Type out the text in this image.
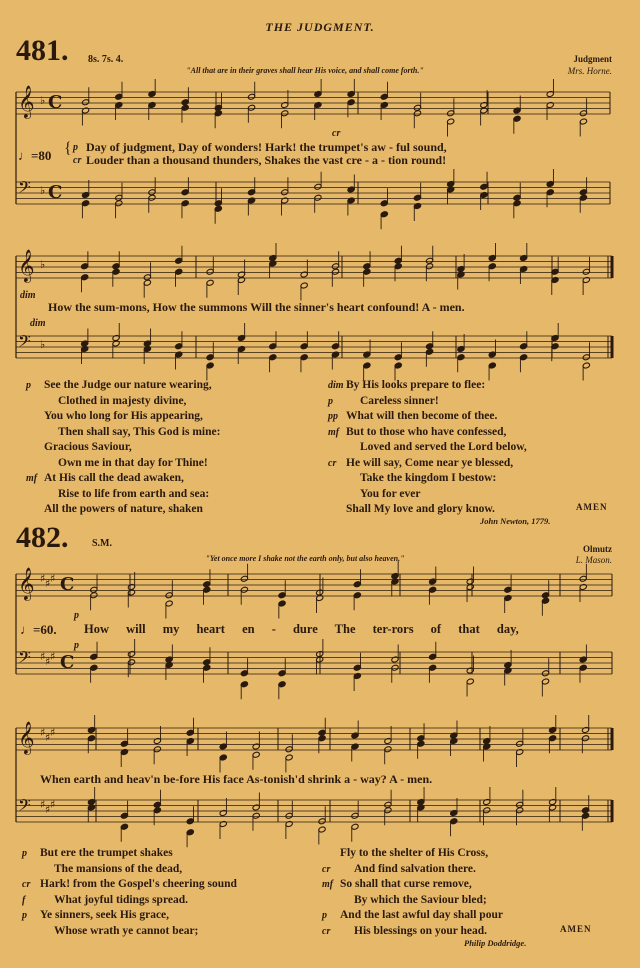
𝄞 ♭ C
𝄢 ♭ C
𝄞 ♭
𝄢 ♭
𝄞 ♯ ♯ ♯ C
𝄢 ♯ ♯ ♯ C
𝄞 ♯ ♯ ♯
𝄢 ♯ ♯ ♯
THE JUDGMENT.
481. 8s. 7s. 4.	Judgment
Mrs. Horne.
"All that are in their graves shall hear His voice, and shall come forth."
cr
♩=80 { p Day of judgment, Day of wonders! Hark! the trumpet's aw - ful sound,
cr Louder than a thousand thunders, Shakes the vast cre - a - tion round!
dim
How the sum-mons, How the summons Will the sinner's heart confound! A - men.
dim
p See the Judge our nature wearing,
Clothed in majesty divine,
You who long for His appearing,
Then shall say, This God is mine:
Gracious Saviour,
Own me in that day for Thine!
mf At His call the dead awaken,
Rise to life from earth and sea:
All the powers of nature, shaken
dim By His looks prepare to flee:
p Careless sinner!
pp What will then become of thee.
mf But to those who have confessed,
Loved and served the Lord below,
cr He will say, Come near ye blessed,
Take the kingdom I bestow:
You for ever
Shall My love and glory know.	AMEN
John Newton, 1779.
482. S.M.	Olmutz
L. Mason.
"Yet once more I shake not the earth only, but also heaven."
p
♩=60. How will my heart en - dure The ter-rors of that day,
p
When earth and heav'n be-fore His face As-tonish'd shrink a - way? A - men.
p But ere the trumpet shakes
The mansions of the dead,
cr Hark! from the Gospel's cheering sound
f What joyful tidings spread.
p Ye sinners, seek His grace,
Whose wrath ye cannot bear;
Fly to the shelter of His Cross,
cr And find salvation there.
mf So shall that curse remove,
By which the Saviour bled;
p And the last awful day shall pour
cr His blessings on your head.	AMEN
Philip Doddridge.
